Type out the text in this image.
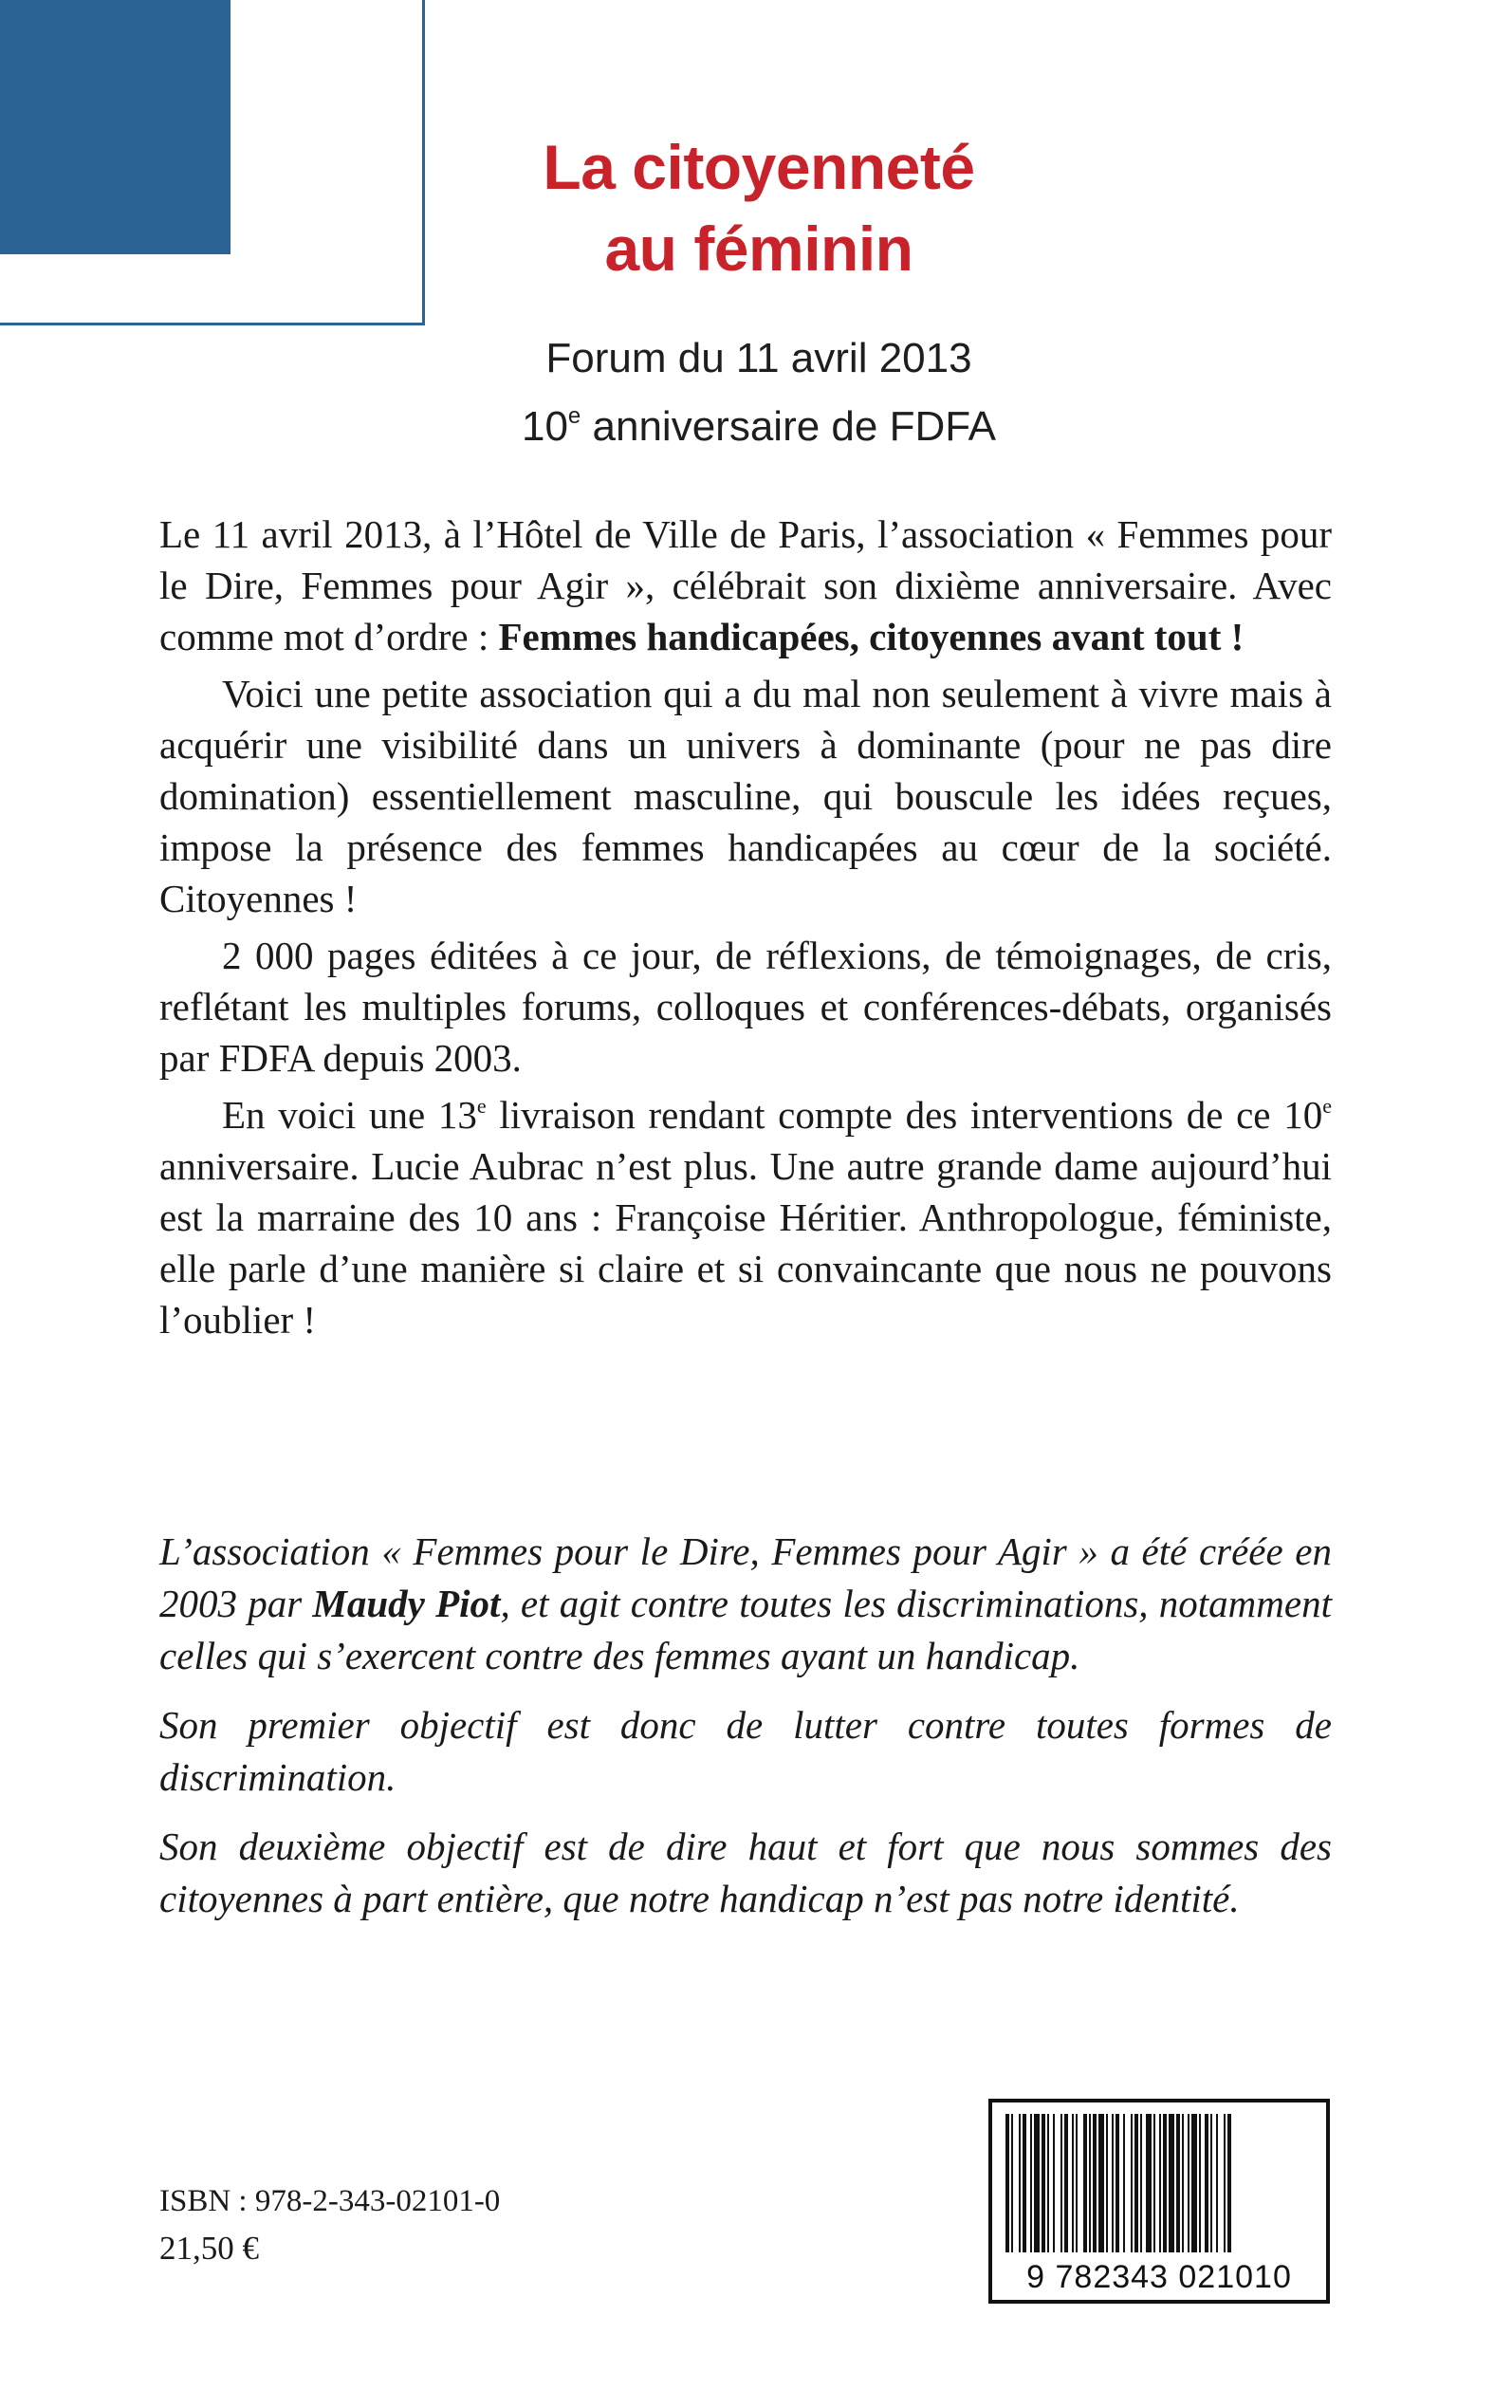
La citoyenneté
au féminin
Forum du 11 avril 2013
10e anniversaire de FDFA

Le 11 avril 2013, à l’Hôtel de Ville de Paris, l’association « Femmes pour le Dire, Femmes pour Agir », célébrait son dixième anniversaire. Avec comme mot d’ordre : Femmes handicapées, citoyennes avant tout !

Voici une petite association qui a du mal non seulement à vivre mais à acquérir une visibilité dans un univers à dominante (pour ne pas dire domination) essentiellement masculine, qui bouscule les idées reçues, impose la présence des femmes handicapées au cœur de la société. Citoyennes !

2 000 pages éditées à ce jour, de réflexions, de témoignages, de cris, reflétant les multiples forums, colloques et conférences-débats, organisés par FDFA depuis 2003.

En voici une 13e livraison rendant compte des interventions de ce 10e anniversaire. Lucie Aubrac n’est plus. Une autre grande dame aujourd’hui est la marraine des 10 ans : Françoise Héritier. Anthropologue, féministe, elle parle d’une manière si claire et si convaincante que nous ne pouvons l’oublier !

L’association « Femmes pour le Dire, Femmes pour Agir » a été créée en 2003 par Maudy Piot, et agit contre toutes les discriminations, notamment celles qui s’exercent contre des femmes ayant un handicap.

Son premier objectif est donc de lutter contre toutes formes de discrimination.

Son deuxième objectif est de dire haut et fort que nous sommes des citoyennes à part entière, que notre handicap n’est pas notre identité.

ISBN : 978-2-343-02101-0
21,50 €
9 782343 021010
